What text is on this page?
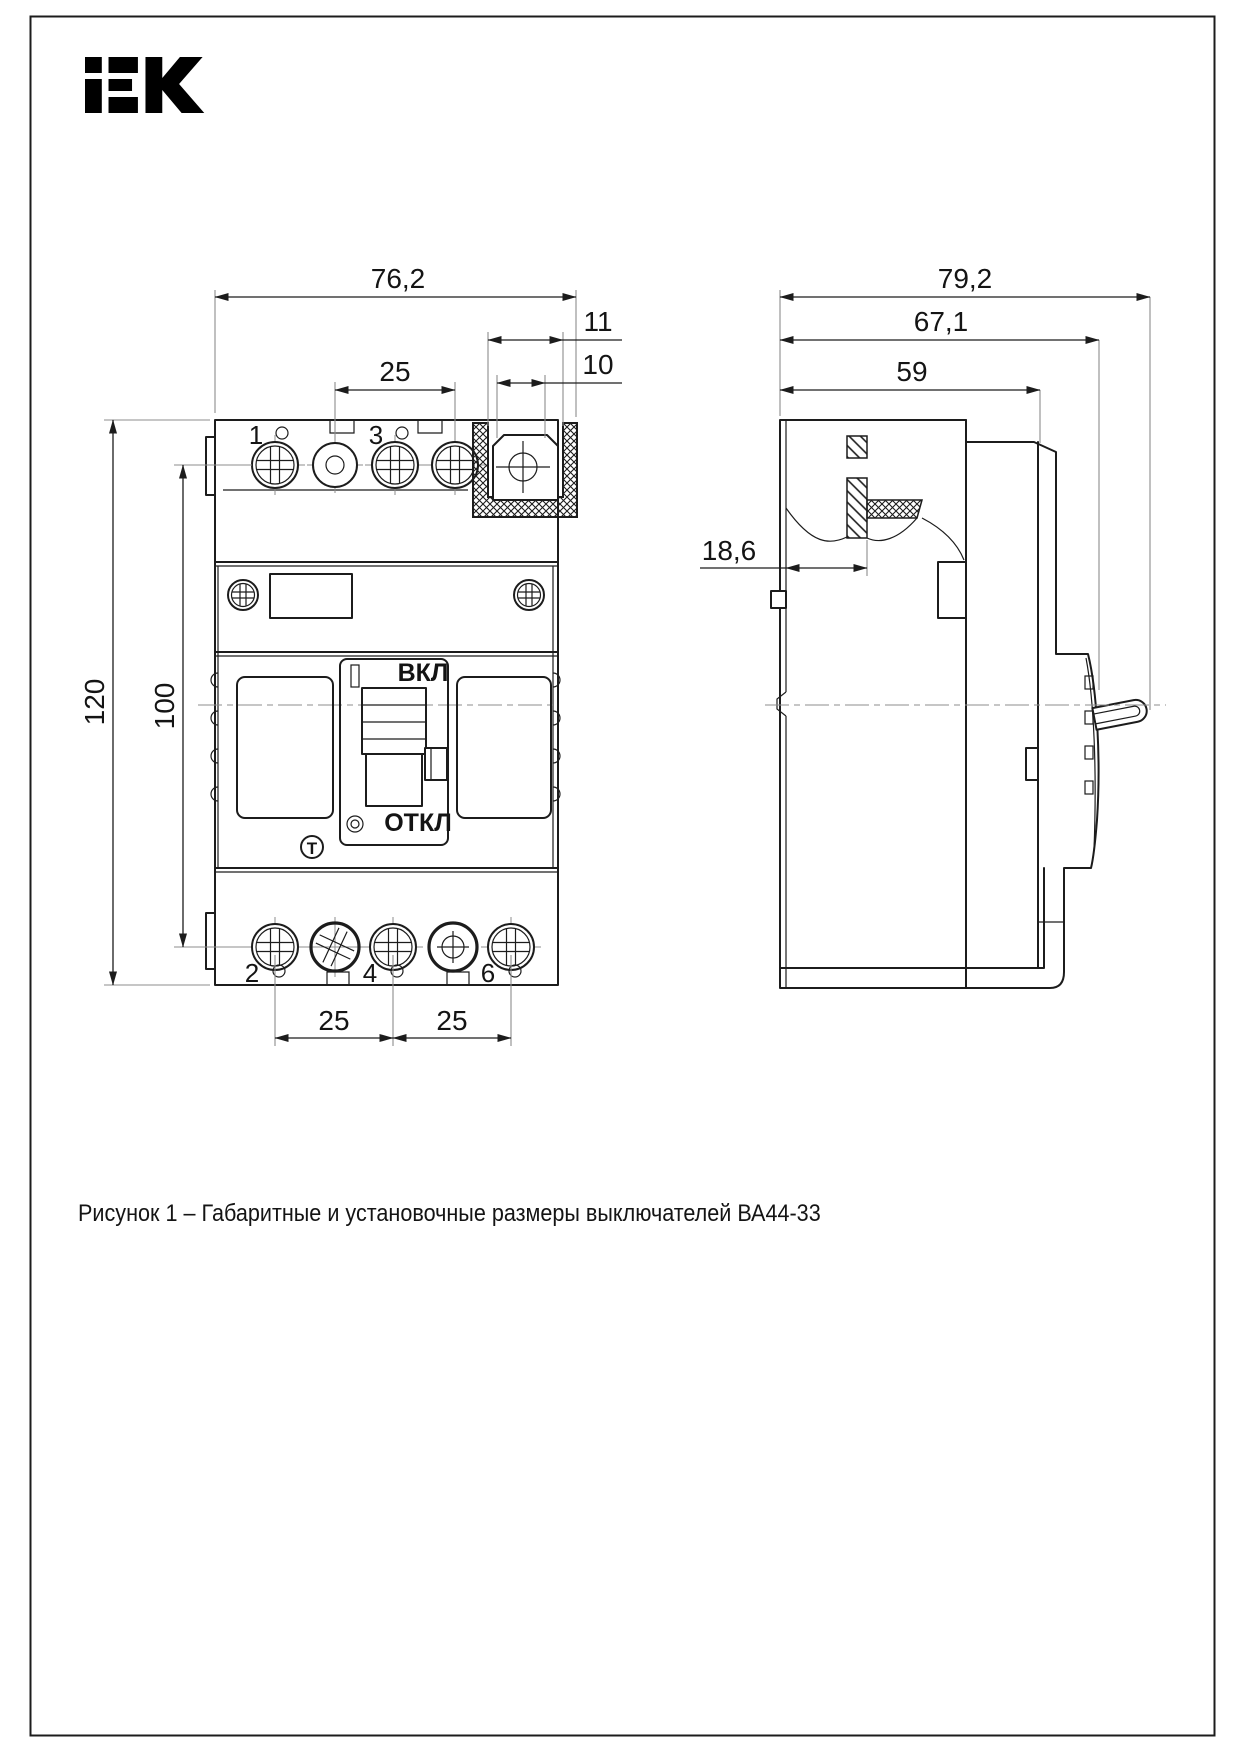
1	3
ВКЛ
ОТКЛ
T
2	4	6
76,2
11
10
25
120 100
25	25
79,2
67,1
59
18,6
Рисунок 1 – Габаритные и установочные размеры выключателей ВА44-33
